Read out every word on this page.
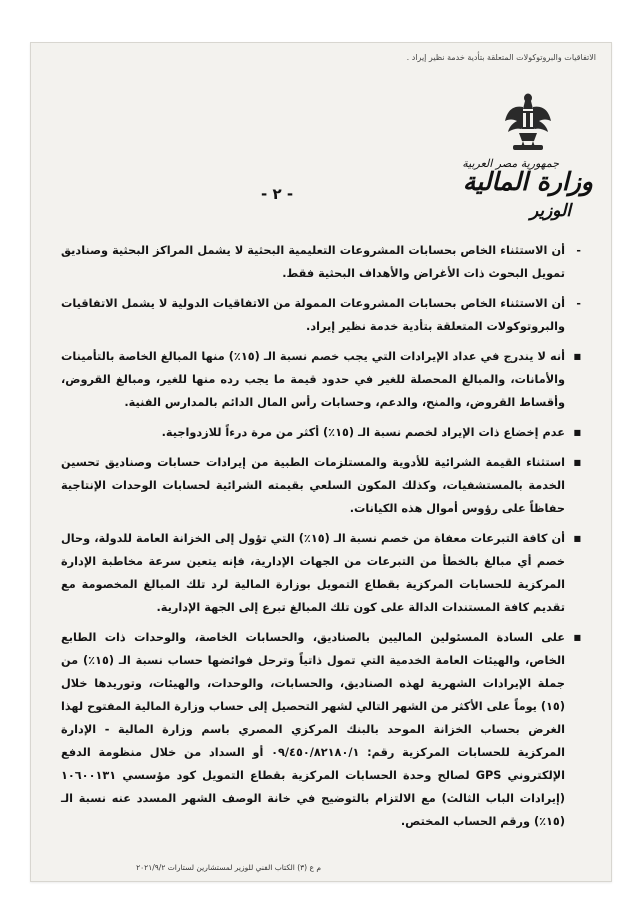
الاتفاقيات والبروتوكولات المتعلقة بتأدية خدمة نظير إيراد .
جمهورية مصر العربية
وزارة المالية
الوزير
- ٢ -
-
أن الاستثناء الخاص بحسابات المشروعات التعليمية البحثية لا يشمل المراكز البحثية وصناديق تمويل البحوث ذات الأغراض والأهداف البحثية فقط.
-
أن الاستثناء الخاص بحسابات المشروعات الممولة من الاتفاقيات الدولية لا يشمل الاتفاقيات والبروتوكولات المتعلقة بتأدية خدمة نظير إيراد.
■
أنه لا يندرج في عداد الإيرادات التي يجب خصم نسبة الـ (١٥٪) منها المبالغ الخاصة بالتأمينات والأمانات، والمبالغ المحصلة للغير في حدود قيمة ما يجب رده منها للغير، ومبالغ القروض، وأقساط القروض، والمنح، والدعم، وحسابات رأس المال الدائم بالمدارس الفنية.
■
عدم إخضاع ذات الإيراد لخصم نسبة الـ (١٥٪) أكثر من مرة درءاً للازدواجية.
■
استثناء القيمة الشرائية للأدوية والمستلزمات الطبية من إيرادات حسابات وصناديق تحسين الخدمة بالمستشفيات، وكذلك المكون السلعي بقيمته الشرائية لحسابات الوحدات الإنتاجية حفاظاً على رؤوس أموال هذه الكيانات.
■
أن كافة التبرعات معفاة من خصم نسبة الـ (١٥٪) التي تؤول إلى الخزانة العامة للدولة، وحال خصم أي مبالغ بالخطأ من التبرعات من الجهات الإدارية، فإنه يتعين سرعة مخاطبة الإدارة المركزية للحسابات المركزية بقطاع التمويل بوزارة المالية لرد تلك المبالغ المخصومة مع تقديم كافة المستندات الدالة على كون تلك المبالغ تبرع إلى الجهة الإدارية.
■
على السادة المسئولين الماليين بالصناديق، والحسابات الخاصة، والوحدات ذات الطابع الخاص، والهيئات العامة الخدمية التي تمول ذاتياً وترحل فوائضها حساب نسبة الـ (١٥٪) من جملة الإيرادات الشهرية لهذه الصناديق، والحسابات، والوحدات، والهيئات، وتوريدها خلال (١٥) يوماً على الأكثر من الشهر التالي لشهر التحصيل إلى حساب وزارة المالية المفتوح لهذا الغرض بحساب الخزانة الموحد بالبنك المركزي المصري باسم وزارة المالية - الإدارة المركزية للحسابات المركزية رقم: ٠٩/٤٥٠/٨٢١٨٠/١ أو السداد من خلال منظومة الدفع الإلكتروني GPS لصالح وحدة الحسابات المركزية بقطاع التمويل كود مؤسسي ١٠٦٠٠١٣١ (إيرادات الباب الثالث) مع الالتزام بالتوضيح في خانة الوصف الشهر المسدد عنه نسبة الـ (١٥٪) ورقم الحساب المختص.
م ع (٣) الكتاب الفني للوزير لمستشارين لستارات ٢٠٢١/٩/٢
